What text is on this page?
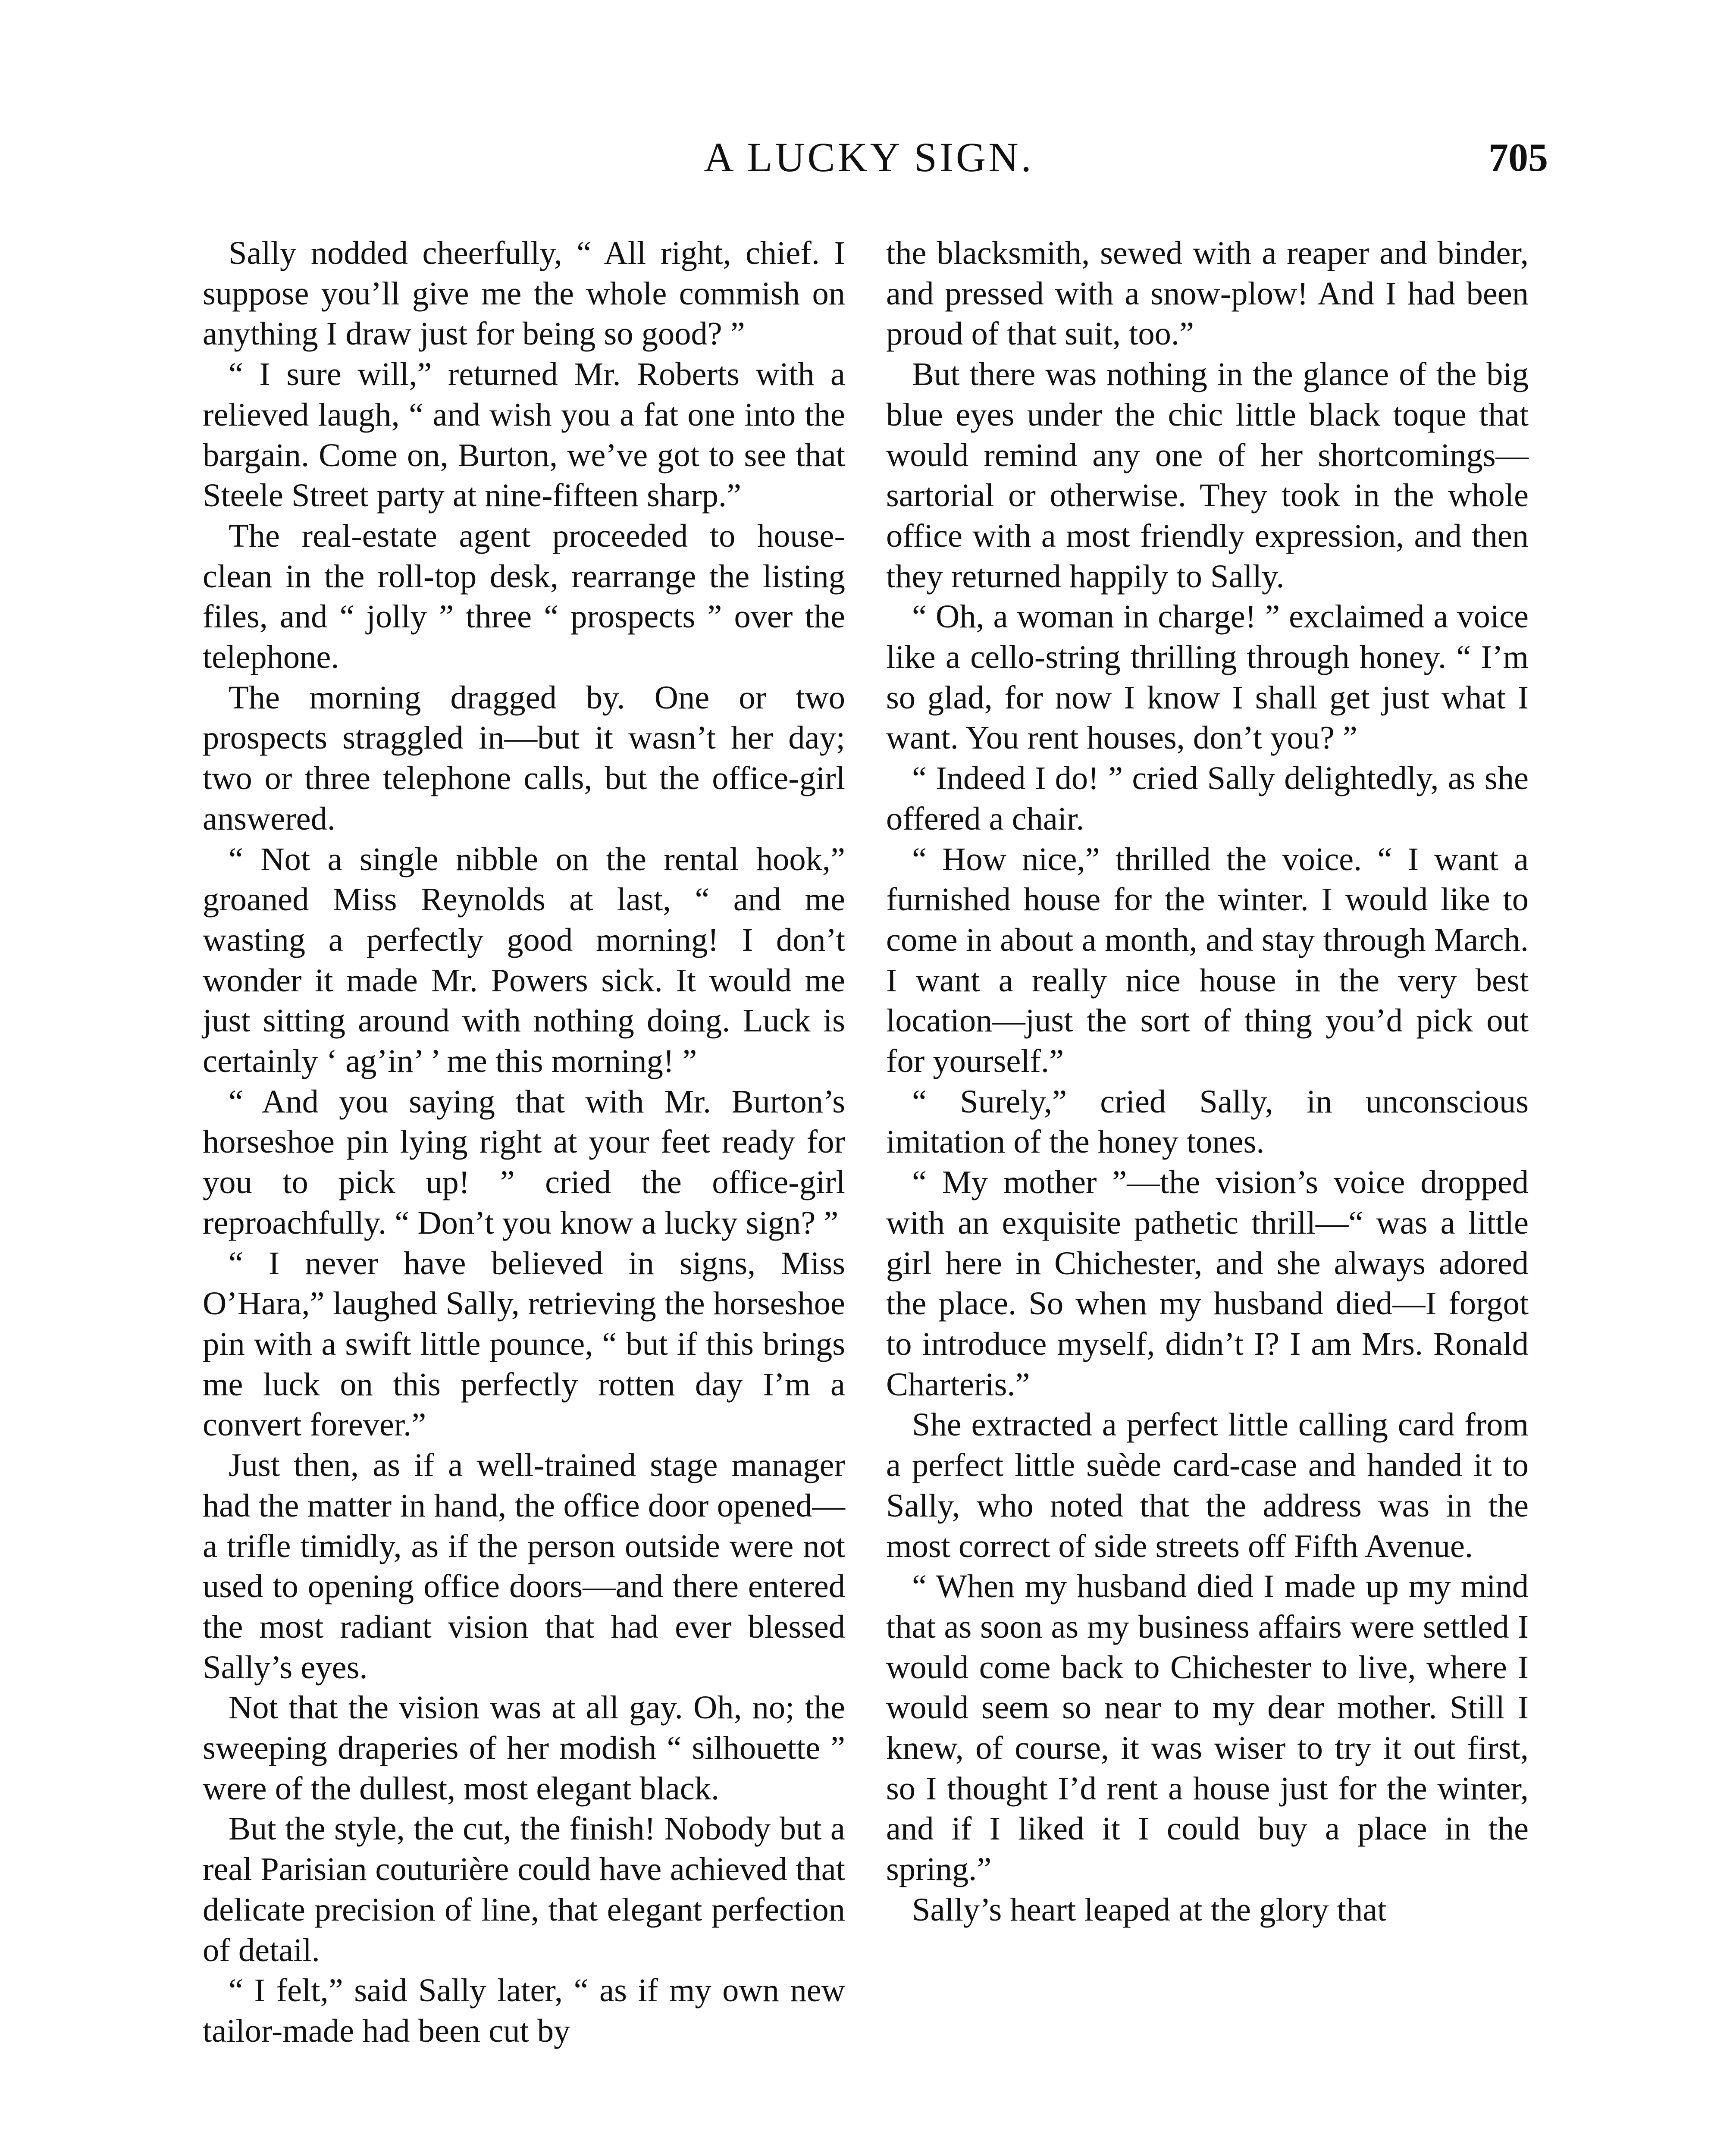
A LUCKY SIGN.	705

Sally nodded cheerfully, “ All right, chief. I suppose you’ll give me the whole commish on anything I draw just for being so good? ”

“ I sure will,” returned Mr. Roberts with a relieved laugh, “ and wish you a fat one into the bargain. Come on, Burton, we’ve got to see that Steele Street party at nine-fifteen sharp.”

The real-estate agent proceeded to house-clean in the roll-top desk, rearrange the listing files, and “ jolly ” three “ prospects ” over the telephone.

The morning dragged by. One or two prospects straggled in—but it wasn’t her day; two or three telephone calls, but the office-girl answered.

“ Not a single nibble on the rental hook,” groaned Miss Reynolds at last, “ and me wasting a perfectly good morning! I don’t wonder it made Mr. Powers sick. It would me just sitting around with nothing doing. Luck is certainly ‘ ag’in’ ’ me this morning! ”

“ And you saying that with Mr. Burton’s horseshoe pin lying right at your feet ready for you to pick up! ” cried the office-girl reproachfully. “ Don’t you know a lucky sign? ”

“ I never have believed in signs, Miss O’Hara,” laughed Sally, retrieving the horseshoe pin with a swift little pounce, “ but if this brings me luck on this perfectly rotten day I’m a convert forever.”

Just then, as if a well-trained stage manager had the matter in hand, the office door opened—a trifle timidly, as if the person outside were not used to opening office doors—and there entered the most radiant vision that had ever blessed Sally’s eyes.

Not that the vision was at all gay. Oh, no; the sweeping draperies of her modish “ silhouette ” were of the dullest, most elegant black.

But the style, the cut, the finish! Nobody but a real Parisian couturière could have achieved that delicate precision of line, that elegant perfection of detail.

“ I felt,” said Sally later, “ as if my own new tailor-made had been cut by

the blacksmith, sewed with a reaper and binder, and pressed with a snow-plow! And I had been proud of that suit, too.”

But there was nothing in the glance of the big blue eyes under the chic little black toque that would remind any one of her shortcomings—sartorial or otherwise. They took in the whole office with a most friendly expression, and then they returned happily to Sally.

“ Oh, a woman in charge! ” exclaimed a voice like a cello-string thrilling through honey. “ I’m so glad, for now I know I shall get just what I want. You rent houses, don’t you? ”

“ Indeed I do! ” cried Sally delightedly, as she offered a chair.

“ How nice,” thrilled the voice. “ I want a furnished house for the winter. I would like to come in about a month, and stay through March. I want a really nice house in the very best location—just the sort of thing you’d pick out for yourself.”

“ Surely,” cried Sally, in unconscious imitation of the honey tones.

“ My mother ”—the vision’s voice dropped with an exquisite pathetic thrill—“ was a little girl here in Chichester, and she always adored the place. So when my husband died—I forgot to introduce myself, didn’t I? I am Mrs. Ronald Charteris.”

She extracted a perfect little calling card from a perfect little suède card-case and handed it to Sally, who noted that the address was in the most correct of side streets off Fifth Avenue.

“ When my husband died I made up my mind that as soon as my business affairs were settled I would come back to Chichester to live, where I would seem so near to my dear mother. Still I knew, of course, it was wiser to try it out first, so I thought I’d rent a house just for the winter, and if I liked it I could buy a place in the spring.”

Sally’s heart leaped at the glory that
